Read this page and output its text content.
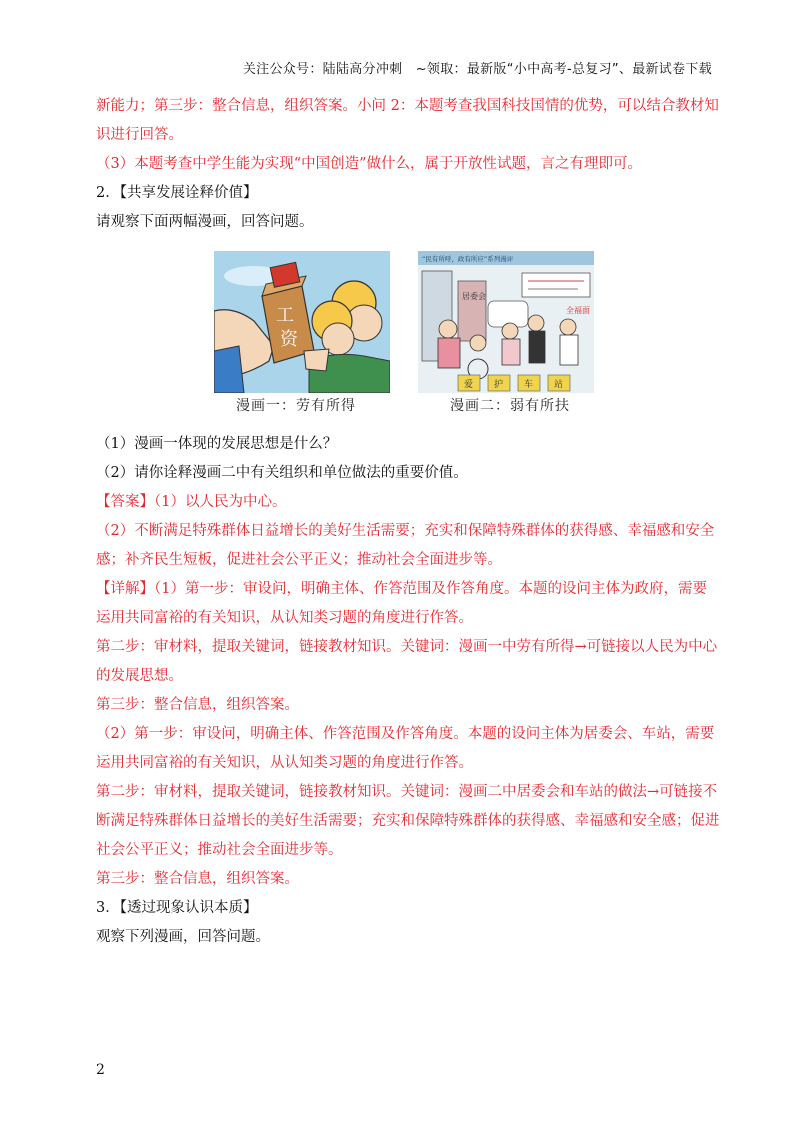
关注公众号：陆陆高分冲刺　~领取：最新版“小中高考-总复习”、最新试卷下载
新能力；第三步：整合信息，组织答案。小问 2：本题考查我国科技国情的优势，可以结合教材知
识进行回答。
（3）本题考查中学生能为实现“中国创造”做什么，属于开放性试题，言之有理即可。
2．【共享发展诠释价值】
请观察下面两幅漫画，回答问题。
工
资
漫画一：劳有所得
“民有所呼，政有所应”系列漫评
居委会
全福面
爱 护 车 站
漫画二：弱有所扶
（1）漫画一体现的发展思想是什么？
（2）请你诠释漫画二中有关组织和单位做法的重要价值。
【答案】（1）以人民为中心。
（2）不断满足特殊群体日益增长的美好生活需要；充实和保障特殊群体的获得感、幸福感和安全
感；补齐民生短板，促进社会公平正义；推动社会全面进步等。
【详解】（1）第一步：审设问，明确主体、作答范围及作答角度。本题的设问主体为政府，需要
运用共同富裕的有关知识，从认知类习题的角度进行作答。
第二步：审材料，提取关键词，链接教材知识。关键词：漫画一中劳有所得→可链接以人民为中心
的发展思想。
第三步：整合信息，组织答案。
（2）第一步：审设问，明确主体、作答范围及作答角度。本题的设问主体为居委会、车站，需要
运用共同富裕的有关知识，从认知类习题的角度进行作答。
第二步：审材料，提取关键词，链接教材知识。关键词：漫画二中居委会和车站的做法→可链接不
断满足特殊群体日益增长的美好生活需要；充实和保障特殊群体的获得感、幸福感和安全感；促进
社会公平正义；推动社会全面进步等。
第三步：整合信息，组织答案。
3．【透过现象认识本质】
观察下列漫画，回答问题。
2
